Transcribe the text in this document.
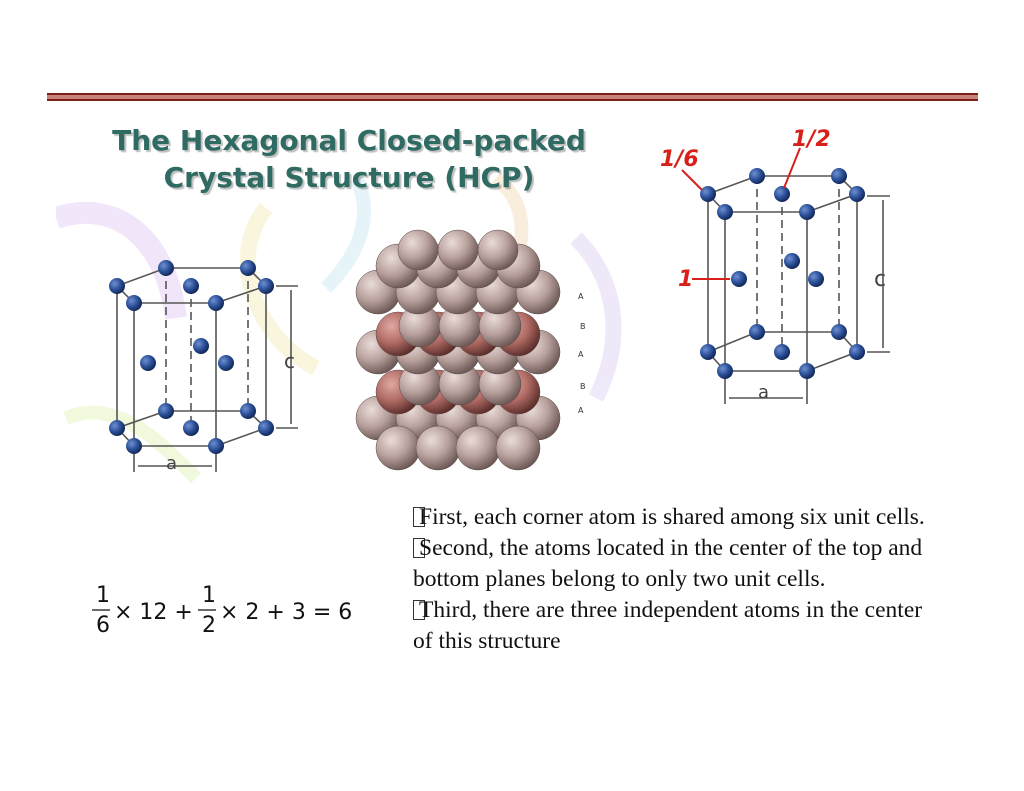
A
B
A
B
A
c
a
The Hexagonal Closed-packed
Crystal Structure (HCP)
1/6
1/2
1	c
a
1
6
× 12 +
1
2
× 2 + 3 = 6

First, each corner atom is shared among six unit cells.

Second, the atoms located in the center of the top and bottom planes belong to only two unit cells.

Third, there are three independent atoms in the center of this structure
